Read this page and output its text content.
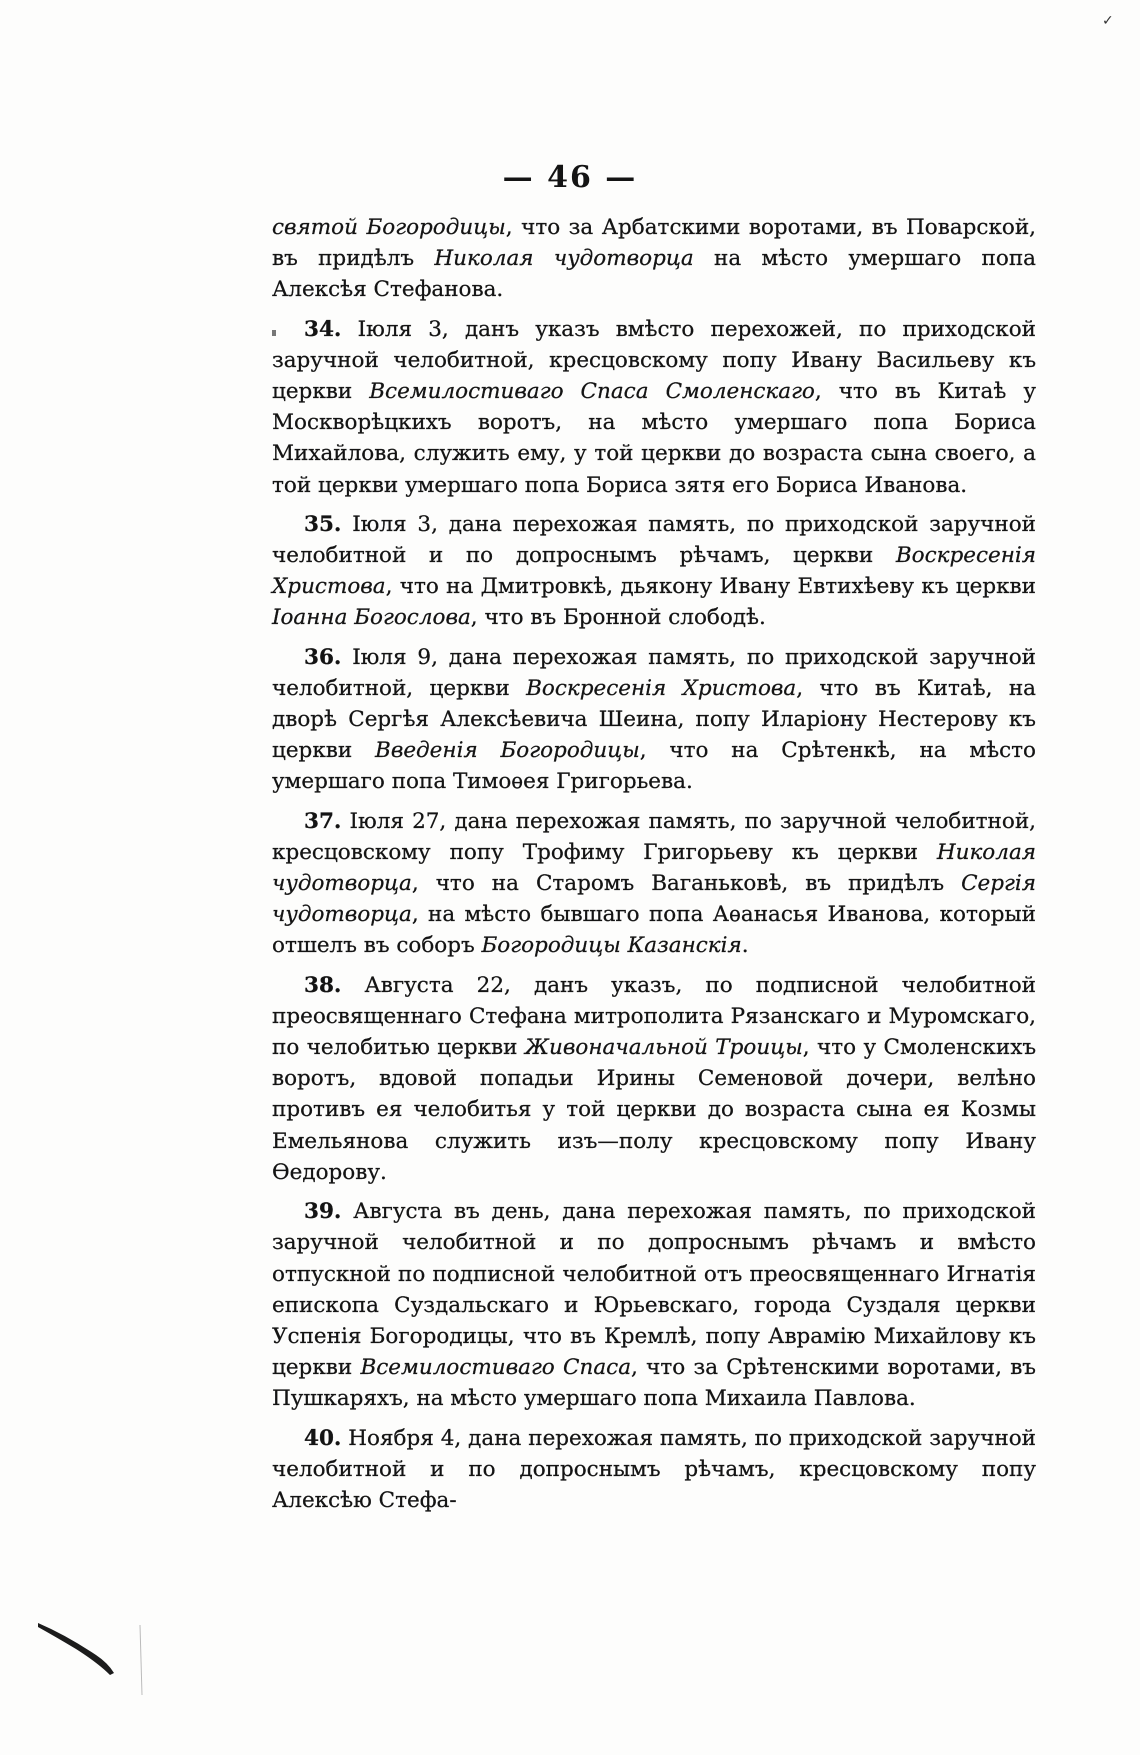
— 46 —

святой Богородицы, что за Арбатскими воротами, въ Поварской, въ придѣлъ Николая чудотворца на мѣсто умершаго попа Алексѣя Стефанова.

34. Іюля 3, данъ указъ вмѣсто перехожей, по приходской заручной челобитной, кресцовскому попу Ивану Васильеву къ церкви Всемилостиваго Спаса Смоленскаго, что въ Китаѣ у Москворѣцкихъ воротъ, на мѣсто умершаго попа Бориса Михайлова, служить ему, у той церкви до возраста сына своего, а той церкви умершаго попа Бориса зятя его Бориса Иванова.

35. Іюля 3, дана перехожая память, по приходской заручной челобитной и по допроснымъ рѣчамъ, церкви Воскресенія Христова, что на Дмитровкѣ, дьякону Ивану Евтихѣеву къ церкви Іоанна Богослова, что въ Бронной слободѣ.

36. Іюля 9, дана перехожая память, по приходской заручной челобитной, церкви Воскресенія Христова, что въ Китаѣ, на дворѣ Сергѣя Алексѣевича Шеина, попу Иларіону Нестерову къ церкви Введенія Богородицы, что на Срѣтенкѣ, на мѣсто умершаго попа Тимоѳея Григорьева.

37. Іюля 27, дана перехожая память, по заручной челобитной, кресцовскому попу Трофиму Григорьеву къ церкви Николая чудотворца, что на Старомъ Ваганьковѣ, въ придѣлъ Сергія чудотворца, на мѣсто бывшаго попа Аѳанасья Иванова, который отшелъ въ соборъ Богородицы Казанскія.

38. Августа 22, данъ указъ, по подписной челобитной преосвященнаго Стефана митрополита Рязанскаго и Муромскаго, по челобитью церкви Живоначальной Троицы, что у Смоленскихъ воротъ, вдовой попадьи Ирины Семеновой дочери, велѣно противъ ея челобитья у той церкви до возраста сына ея Козмы Емельянова служить изъ—полу кресцовскому попу Ивану Ѳедорову.

39. Августа въ день, дана перехожая память, по приходской заручной челобитной и по допроснымъ рѣчамъ и вмѣсто отпускной по подписной челобитной отъ преосвященнаго Игнатія епископа Суздальскаго и Юрьевскаго, города Суздаля церкви Успенія Богородицы, что въ Кремлѣ, попу Аврамію Михайлову къ церкви Всемилостиваго Спаса, что за Срѣтенскими воротами, въ Пушкаряхъ, на мѣсто умершаго попа Михаила Павлова.

40. Ноября 4, дана перехожая память, по приходской заручной челобитной и по допроснымъ рѣчамъ, кресцовскому попу Алексѣю Стефа-

✓
